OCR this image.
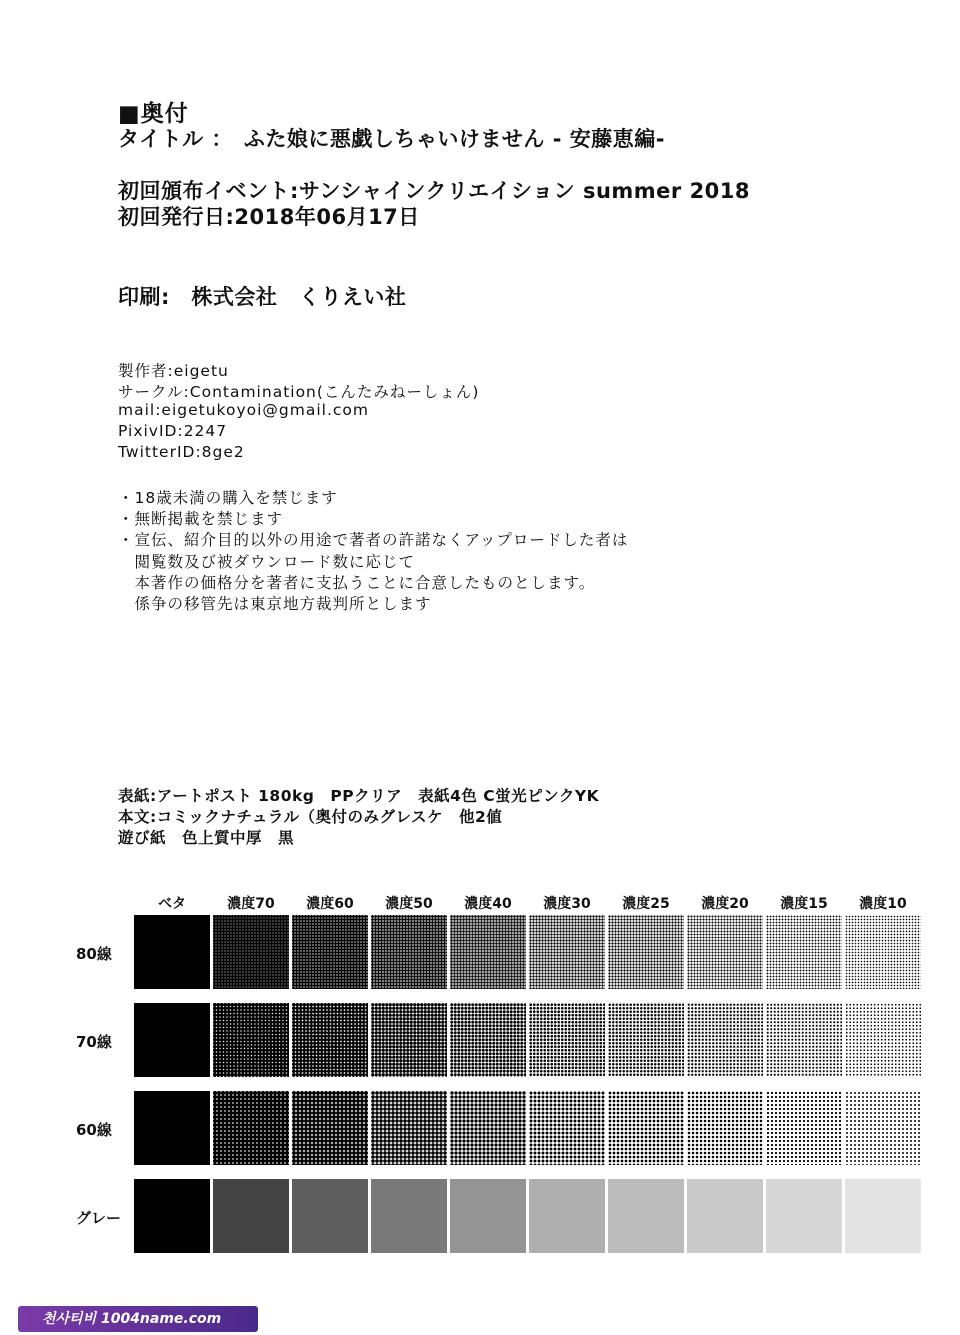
■奥付
タイトル ：　ふた娘に悪戯しちゃいけません - 安藤恵編-
初回頒布イベント:サンシャインクリエイション summer 2018
初回発行日:2018年06月17日
印刷:　株式会社　くりえい社
製作者:eigetu
サークル:Contamination(こんたみねーしょん)
mail:eigetukoyoi@gmail.com
PixivID:2247
TwitterID:8ge2
・18歳未満の購入を禁じます
・無断掲載を禁じます
・宣伝、紹介目的以外の用途で著者の許諾なくアップロードした者は
　閲覧数及び被ダウンロード数に応じて
　本著作の価格分を著者に支払うことに合意したものとします。
　係争の移管先は東京地方裁判所とします
表紙:アートポスト 180kg　PPクリア　表紙4色 C蛍光ピンクYK
本文:コミックナチュラル（奥付のみグレスケ　他2値
遊び紙　色上質中厚　黒
ベタ	濃度70	濃度60	濃度50	濃度40	濃度30	濃度25	濃度20	濃度15	濃度10
80線
70線
60線
グレー
천사티비 1004name.com
